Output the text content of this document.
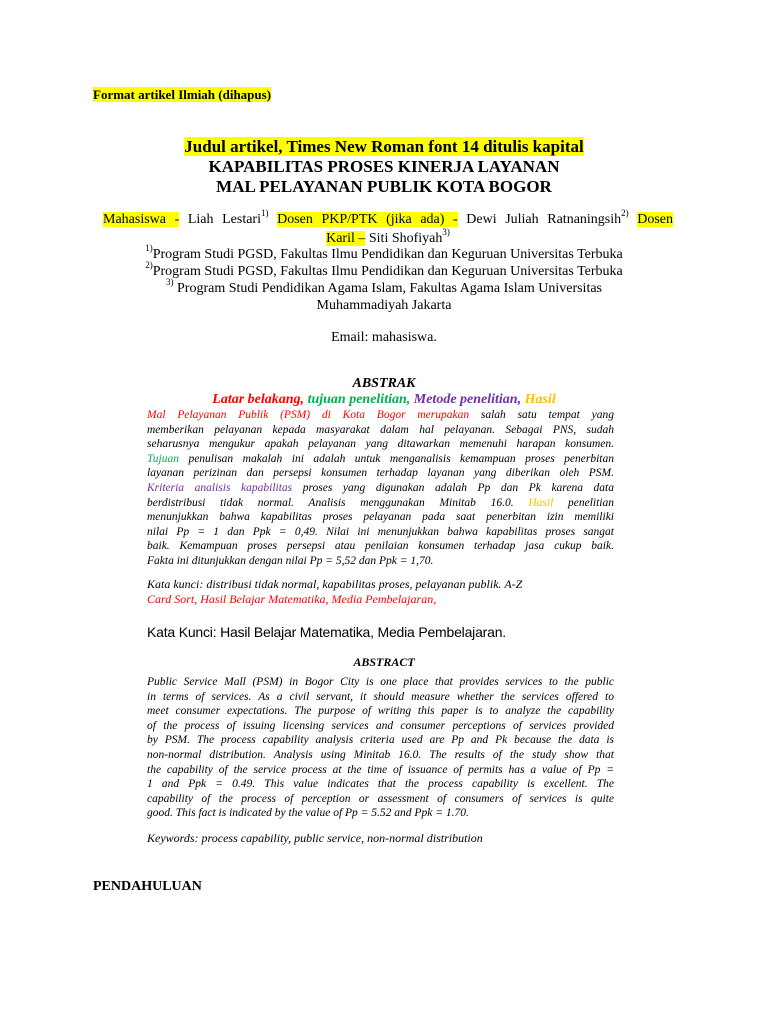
Format artikel Ilmiah (dihapus)
Judul artikel, Times New Roman font 14 ditulis kapital
KAPABILITAS PROSES KINERJA LAYANAN
MAL PELAYANAN PUBLIK KOTA BOGOR
Mahasiswa - Liah Lestari$^{1)}$ Dosen PKP/PTK (jika ada) - Dewi Juliah Ratnaningsih$^{2)}$ Dosen
Karil – Siti Shofiyah$^{3)}$
$^{1)}$Program Studi PGSD, Fakultas Ilmu Pendidikan dan Keguruan Universitas Terbuka
$^{2)}$Program Studi PGSD, Fakultas Ilmu Pendidikan dan Keguruan Universitas Terbuka
$^{3)}$ Program Studi Pendidikan Agama Islam, Fakultas Agama Islam Universitas
Muhammadiyah Jakarta
Email: mahasiswa.
ABSTRAK
Latar belakang, tujuan penelitian, Metode penelitian, Hasil
Mal Pelayanan Publik (PSM) di Kota Bogor merupakan salah satu tempat yang
memberikan pelayanan kepada masyarakat dalam hal pelayanan. Sebagai PNS, sudah
seharusnya mengukur apakah pelayanan yang ditawarkan memenuhi harapan konsumen.
Tujuan penulisan makalah ini adalah untuk menganalisis kemampuan proses penerbitan
layanan perizinan dan persepsi konsumen terhadap layanan yang diberikan oleh PSM.
Kriteria analisis kapabilitas proses yang digunakan adalah Pp dan Pk karena data
berdistribusi tidak normal. Analisis menggunakan Minitab 16.0. Hasil penelitian
menunjukkan bahwa kapabilitas proses pelayanan pada saat penerbitan izin memiliki
nilai Pp = 1 dan Ppk = 0,49. Nilai ini menunjukkan bahwa kapabilitas proses sangat
baik. Kemampuan proses persepsi atau penilaian konsumen terhadap jasa cukup baik.
Fakta ini ditunjukkan dengan nilai Pp = 5,52 dan Ppk = 1,70.
Kata kunci: distribusi tidak normal, kapabilitas proses, pelayanan publik. A-Z
Card Sort, Hasil Belajar Matematika, Media Pembelajaran,
Kata Kunci: Hasil Belajar Matematika, Media Pembelajaran.
ABSTRACT
Public Service Mall (PSM) in Bogor City is one place that provides services to the public
in terms of services. As a civil servant, it should measure whether the services offered to
meet consumer expectations. The purpose of writing this paper is to analyze the capability
of the process of issuing licensing services and consumer perceptions of services provided
by PSM. The process capability analysis criteria used are Pp and Pk because the data is
non-normal distribution. Analysis using Minitab 16.0. The results of the study show that
the capability of the service process at the time of issuance of permits has a value of Pp =
1 and Ppk = 0.49. This value indicates that the process capability is excellent. The
capability of the process of perception or assessment of consumers of services is quite
good. This fact is indicated by the value of Pp = 5.52 and Ppk = 1.70.
Keywords: process capability, public service, non-normal distribution
PENDAHULUAN
